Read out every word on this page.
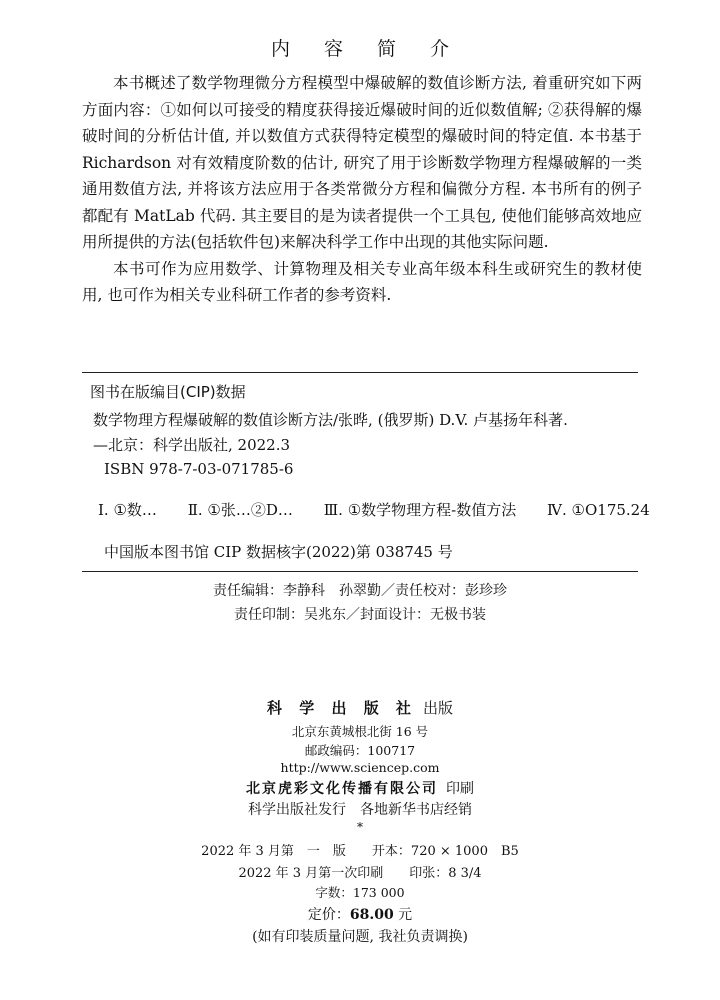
内 容 简 介

本书概述了数学物理微分方程模型中爆破解的数值诊断方法, 着重研究如下两方面内容：①如何以可接受的精度获得接近爆破时间的近似数值解; ②获得解的爆破时间的分析估计值, 并以数值方式获得特定模型的爆破时间的特定值. 本书基于 Richardson 对有效精度阶数的估计, 研究了用于诊断数学物理方程爆破解的一类通用数值方法, 并将该方法应用于各类常微分方程和偏微分方程. 本书所有的例子都配有 MatLab 代码. 其主要目的是为读者提供一个工具包, 使他们能够高效地应用所提供的方法(包括软件包)来解决科学工作中出现的其他实际问题.

本书可作为应用数学、计算物理及相关专业高年级本科生或研究生的教材使用, 也可作为相关专业科研工作者的参考资料.

图书在版编目(CIP)数据
数学物理方程爆破解的数值诊断方法/张晔, (俄罗斯) D.V. 卢基扬年科著.
—北京：科学出版社, 2022.3
ISBN 978-7-03-071785-6
Ⅰ. ①数… Ⅱ. ①张…②D… Ⅲ. ①数学物理方程-数值方法 Ⅳ. ①O175.24
中国版本图书馆 CIP 数据核字(2022)第 038745 号
责任编辑：李静科　孙翠勤／责任校对：彭珍珍
责任印制：吴兆东／封面设计：无极书装
科 学 出 版 社 出版
北京东黄城根北街 16 号
邮政编码：100717
http://www.sciencep.com
北京虎彩文化传播有限公司 印刷
科学出版社发行　各地新华书店经销
*
2022 年 3 月第　一　版　　开本：720 × 1000　B5
2022 年 3 月第一次印刷　　印张：8 3/4
字数：173 000
定价：68.00 元
(如有印装质量问题, 我社负责调换)
